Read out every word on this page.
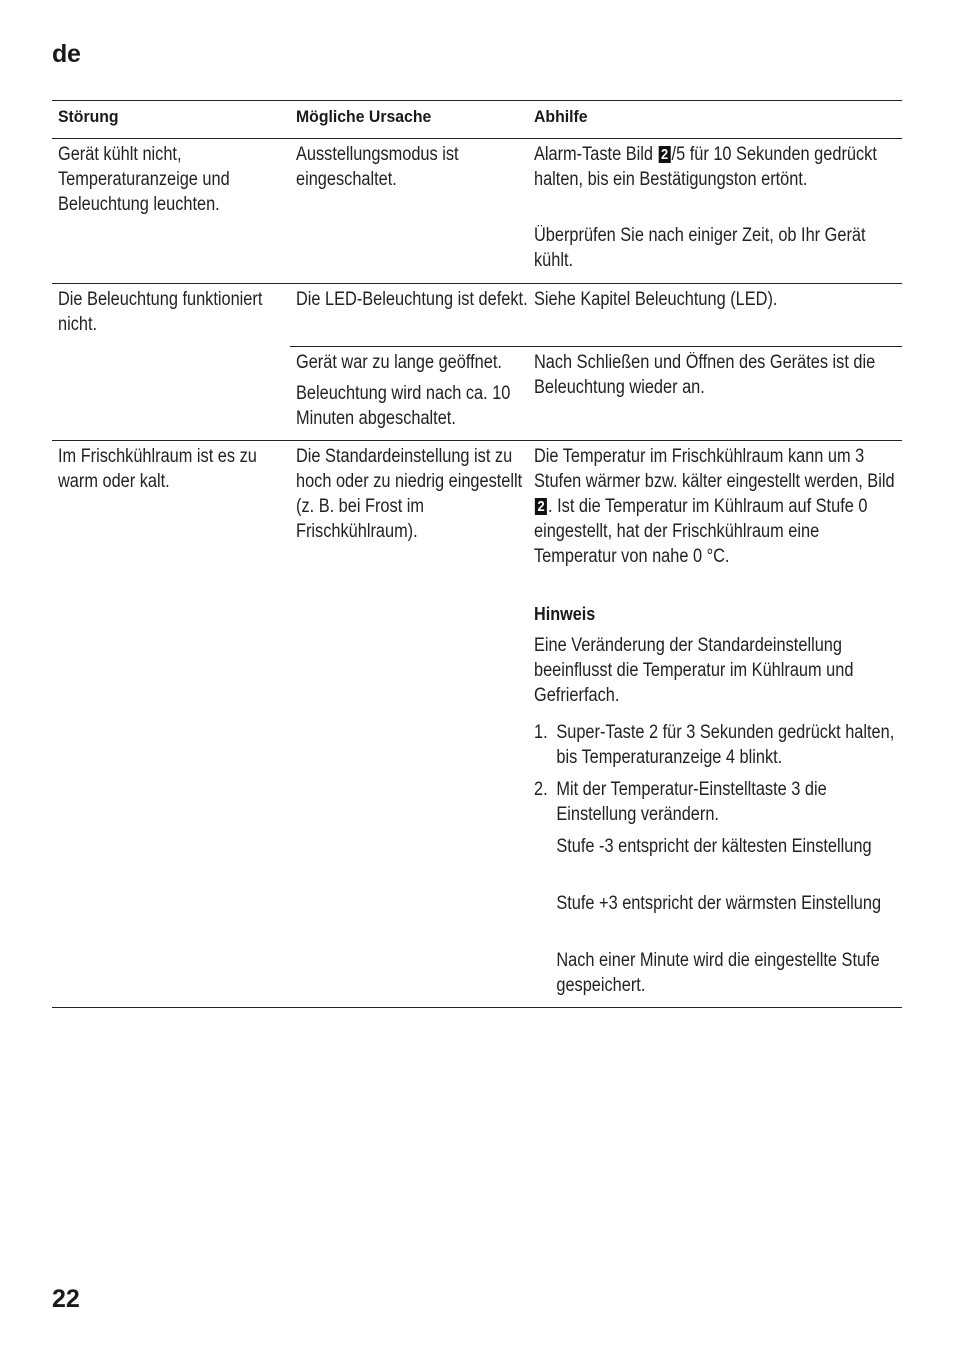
de
Störung	Mögliche Ursache	Abhilfe
Gerät kühlt nicht, Temperaturanzeige und Beleuchtung leuchten.
Ausstellungsmodus ist eingeschaltet.
Alarm-Taste Bild 2 /5 für 10 Sekunden gedrückt halten, bis ein Bestätigungston ertönt.
Überprüfen Sie nach einiger Zeit, ob Ihr Gerät kühlt.
Die Beleuchtung funktioniert nicht.
Die LED-Beleuchtung ist defekt. Siehe Kapitel Beleuchtung (LED).
Gerät war zu lange geöffnet.
Beleuchtung wird nach ca. 10 Minuten abgeschaltet.
Nach Schließen und Öffnen des Gerätes ist die Beleuchtung wieder an.
Im Frischkühlraum ist es zu warm oder kalt.
Die Standardeinstellung ist zu hoch oder zu niedrig eingestellt (z. B. bei Frost im Frischkühlraum).
Die Temperatur im Frischkühlraum kann um 3 Stufen wärmer bzw. kälter eingestellt werden, Bild 2 . Ist die Temperatur im Kühlraum auf Stufe 0 eingestellt, hat der Frischkühlraum eine Temperatur von nahe 0 °C.
Hinweis
Eine Veränderung der Standardeinstellung beeinflusst die Temperatur im Kühlraum und Gefrierfach.
1. Super-Taste 2 für 3 Sekunden gedrückt halten, bis Temperaturanzeige 4 blinkt.
2. Mit der Temperatur-Einstelltaste 3 die Einstellung verändern.
Stufe -3 entspricht der kältesten Einstellung
Stufe +3 entspricht der wärmsten Einstellung
Nach einer Minute wird die eingestellte Stufe gespeichert.
22
